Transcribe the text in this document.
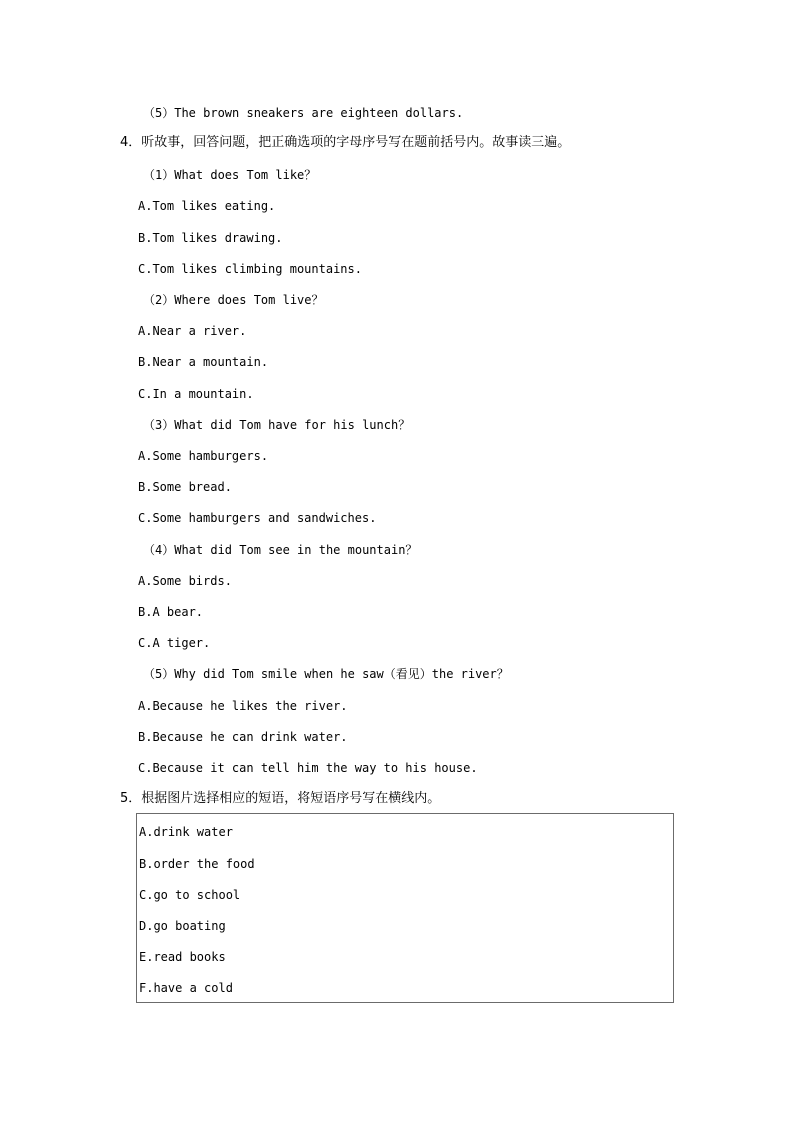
（5）The brown sneakers are eighteen dollars.
4．听故事，回答问题，把正确选项的字母序号写在题前括号内。故事读三遍。
（1）What does Tom like？
A.Tom likes eating.
B.Tom likes drawing.
C.Tom likes climbing mountains.
（2）Where does Tom live？
A.Near a river.
B.Near a mountain.
C.In a mountain.
（3）What did Tom have for his lunch？
A.Some hamburgers.
B.Some bread.
C.Some hamburgers and sandwiches.
（4）What did Tom see in the mountain？
A.Some birds.
B.A bear.
C.A tiger.
（5）Why did Tom smile when he saw（看见）the river？
A.Because he likes the river.
B.Because he can drink water.
C.Because it can tell him the way to his house.
5．根据图片选择相应的短语，将短语序号写在横线内。
A.drink water
B.order the food
C.go to school
D.go boating
E.read books
F.have a cold
